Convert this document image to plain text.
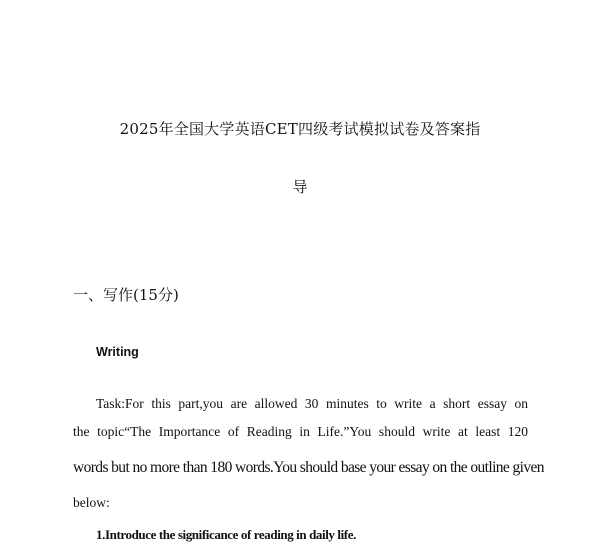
2025年全国大学英语CET四级考试模拟试卷及答案指
导
一、写作(15分)
Writing
Task:For this part,you are allowed 30 minutes to write a short essay on
the topic“The Importance of Reading in Life.”You should write at least 120
words but no more than 180 words.You should base your essay on the outline given
below:
1.Introduce the significance of reading in daily life.
